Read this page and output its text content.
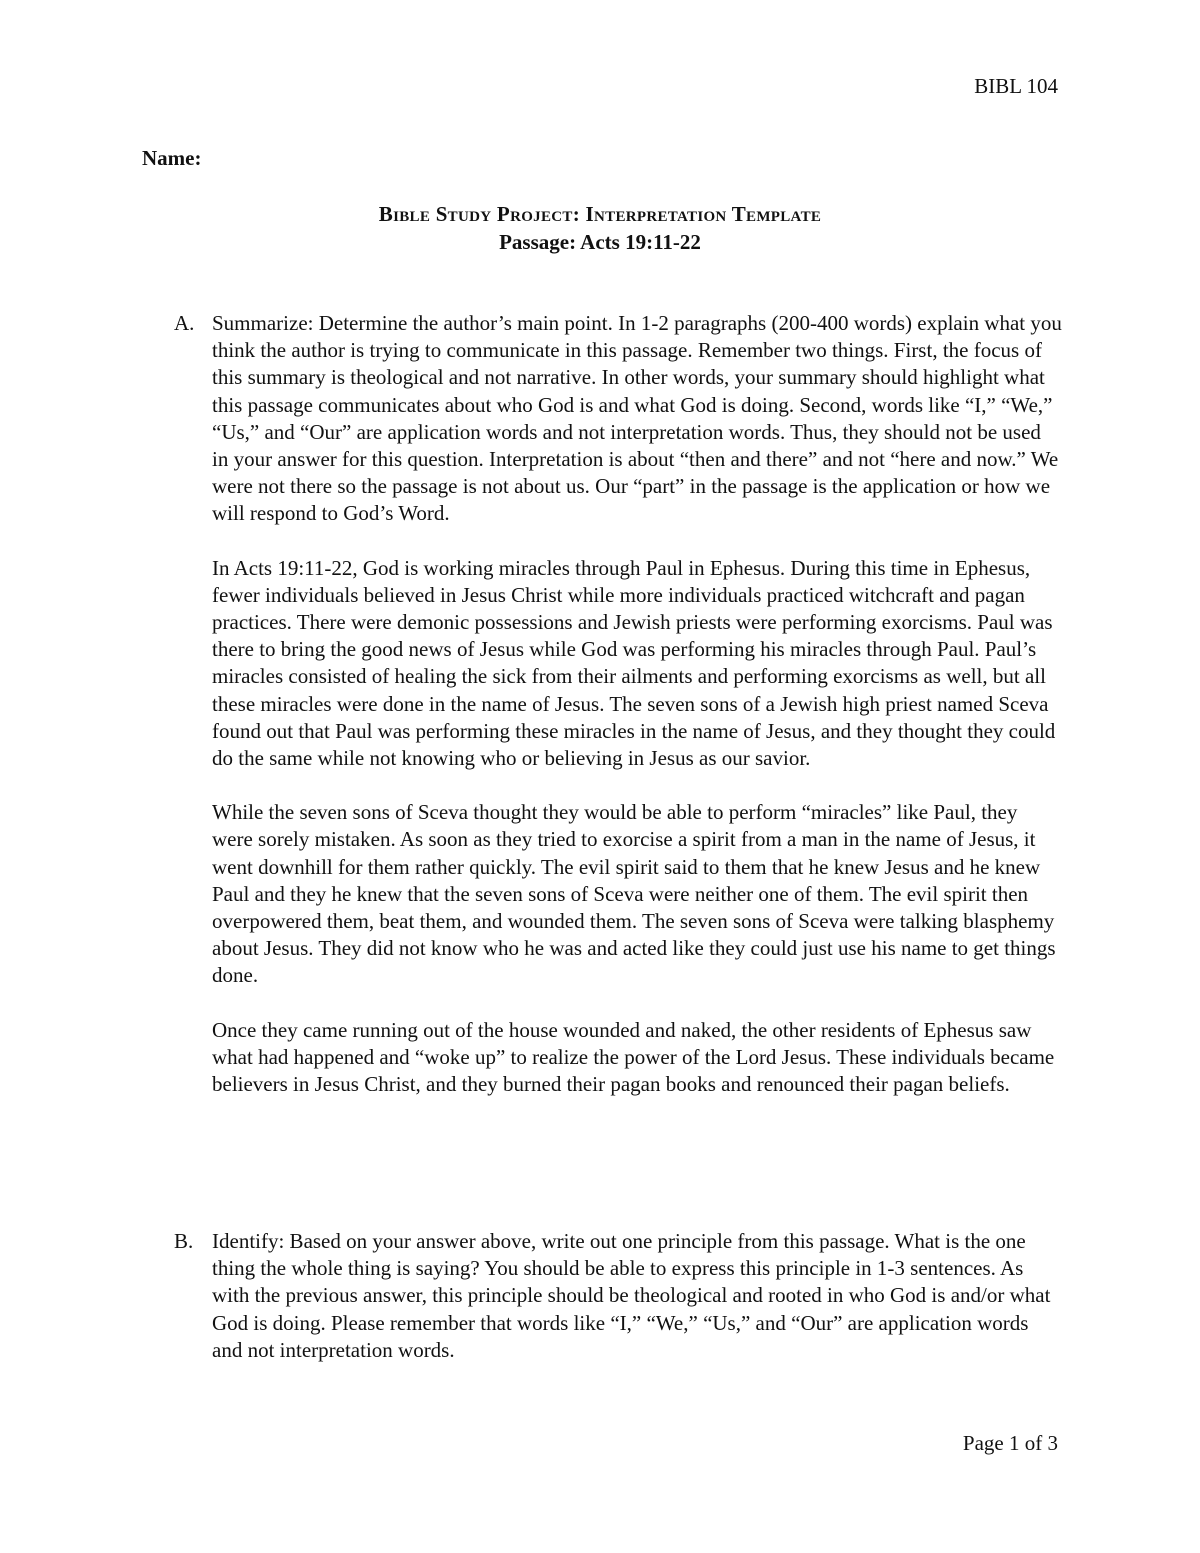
BIBL 104
Name:
Bible Study Project: Interpretation Template
Passage: Acts 19:11-22
A. Summarize: Determine the author’s main point. In 1-2 paragraphs (200-400 words) explain what you think the author is trying to communicate in this passage. Remember two things. First, the focus of this summary is theological and not narrative. In other words, your summary should highlight what this passage communicates about who God is and what God is doing. Second, words like “I,” “We,” “Us,” and “Our” are application words and not interpretation words. Thus, they should not be used in your answer for this question. Interpretation is about “then and there” and not “here and now.” We were not there so the passage is not about us. Our “part” in the passage is the application or how we will respond to God’s Word.

In Acts 19:11-22, God is working miracles through Paul in Ephesus. During this time in Ephesus, fewer individuals believed in Jesus Christ while more individuals practiced witchcraft and pagan practices. There were demonic possessions and Jewish priests were performing exorcisms. Paul was there to bring the good news of Jesus while God was performing his miracles through Paul. Paul’s miracles consisted of healing the sick from their ailments and performing exorcisms as well, but all these miracles were done in the name of Jesus. The seven sons of a Jewish high priest named Sceva found out that Paul was performing these miracles in the name of Jesus, and they thought they could do the same while not knowing who or believing in Jesus as our savior.

While the seven sons of Sceva thought they would be able to perform “miracles” like Paul, they were sorely mistaken. As soon as they tried to exorcise a spirit from a man in the name of Jesus, it went downhill for them rather quickly. The evil spirit said to them that he knew Jesus and he knew Paul and they he knew that the seven sons of Sceva were neither one of them. The evil spirit then overpowered them, beat them, and wounded them. The seven sons of Sceva were talking blasphemy about Jesus. They did not know who he was and acted like they could just use his name to get things done.

Once they came running out of the house wounded and naked, the other residents of Ephesus saw what had happened and “woke up” to realize the power of the Lord Jesus. These individuals became believers in Jesus Christ, and they burned their pagan books and renounced their pagan beliefs.

B. Identify: Based on your answer above, write out one principle from this passage. What is the one thing the whole thing is saying? You should be able to express this principle in 1-3 sentences. As with the previous answer, this principle should be theological and rooted in who God is and/or what God is doing. Please remember that words like “I,” “We,” “Us,” and “Our” are application words and not interpretation words.

Page 1 of 3
